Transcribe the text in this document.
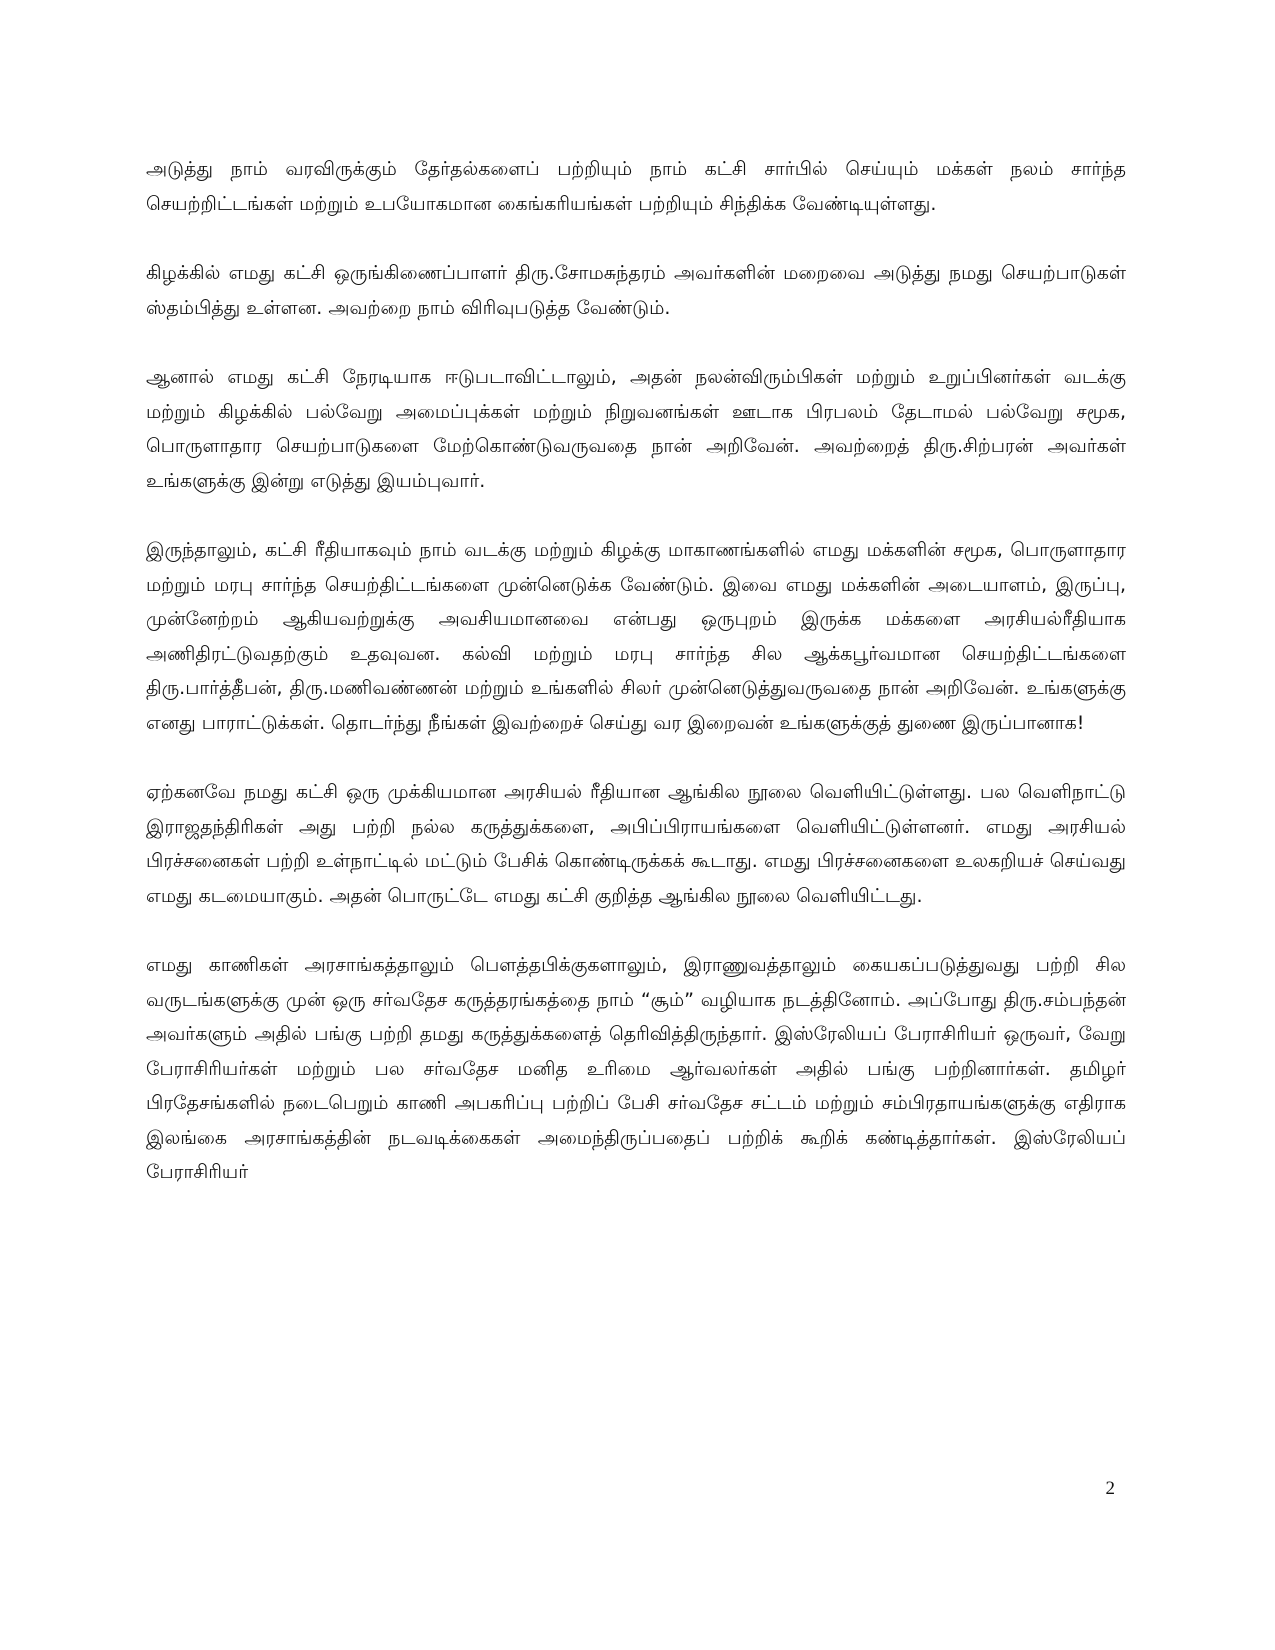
அடுத்து நாம் வரவிருக்கும் தேர்தல்களைப் பற்றியும் நாம் கட்சி சார்பில் செய்யும் மக்கள் நலம் சார்ந்த செயற்றிட்டங்கள் மற்றும் உபயோகமான கைங்கரியங்கள் பற்றியும் சிந்திக்க வேண்டியுள்ளது.

கிழக்கில் எமது கட்சி ஒருங்கிணைப்பாளர் திரு.சோமசுந்தரம் அவர்களின் மறைவை அடுத்து நமது செயற்பாடுகள் ஸ்தம்பித்து உள்ளன. அவற்றை நாம் விரிவுபடுத்த வேண்டும்.

ஆனால் எமது கட்சி நேரடியாக ஈடுபடாவிட்டாலும், அதன் நலன்விரும்பிகள் மற்றும் உறுப்பினர்கள் வடக்கு மற்றும் கிழக்கில் பல்வேறு அமைப்புக்கள் மற்றும் நிறுவனங்கள் ஊடாக பிரபலம் தேடாமல் பல்வேறு சமூக, பொருளாதார செயற்பாடுகளை மேற்கொண்டுவருவதை நான் அறிவேன். அவற்றைத் திரு.சிற்பரன் அவர்கள் உங்களுக்கு இன்று எடுத்து இயம்புவார்.

இருந்தாலும், கட்சி ரீதியாகவும் நாம் வடக்கு மற்றும் கிழக்கு மாகாணங்களில் எமது மக்களின் சமூக, பொருளாதார மற்றும் மரபு சார்ந்த செயற்திட்டங்களை முன்னெடுக்க வேண்டும். இவை எமது மக்களின் அடையாளம், இருப்பு, முன்னேற்றம் ஆகியவற்றுக்கு அவசியமானவை என்பது ஒருபுறம் இருக்க மக்களை அரசியல்ரீதியாக அணிதிரட்டுவதற்கும் உதவுவன. கல்வி மற்றும் மரபு சார்ந்த சில ஆக்கபூர்வமான செயற்திட்டங்களை திரு.பார்த்தீபன், திரு.மணிவண்ணன் மற்றும் உங்களில் சிலர் முன்னெடுத்துவருவதை நான் அறிவேன். உங்களுக்கு எனது பாராட்டுக்கள். தொடர்ந்து நீங்கள் இவற்றைச் செய்து வர இறைவன் உங்களுக்குத் துணை இருப்பானாக!

ஏற்கனவே நமது கட்சி ஒரு முக்கியமான அரசியல் ரீதியான ஆங்கில நூலை வெளியிட்டுள்ளது. பல வெளிநாட்டு இராஜதந்திரிகள் அது பற்றி நல்ல கருத்துக்களை, அபிப்பிராயங்களை வெளியிட்டுள்ளனர். எமது அரசியல் பிரச்சனைகள் பற்றி உள்நாட்டில் மட்டும் பேசிக் கொண்டிருக்கக் கூடாது. எமது பிரச்சனைகளை உலகறியச் செய்வது எமது கடமையாகும். அதன் பொருட்டே எமது கட்சி குறித்த ஆங்கில நூலை வெளியிட்டது.

எமது காணிகள் அரசாங்கத்தாலும் பௌத்தபிக்குகளாலும், இராணுவத்தாலும் கையகப்படுத்துவது பற்றி சில வருடங்களுக்கு முன் ஒரு சர்வதேச கருத்தரங்கத்தை நாம் “சூம்” வழியாக நடத்தினோம். அப்போது திரு.சம்பந்தன் அவர்களும் அதில் பங்கு பற்றி தமது கருத்துக்களைத் தெரிவித்திருந்தார். இஸ்ரேலியப் பேராசிரியர் ஒருவர், வேறு பேராசிரியர்கள் மற்றும் பல சர்வதேச மனித உரிமை ஆர்வலர்கள் அதில் பங்கு பற்றினார்கள். தமிழர் பிரதேசங்களில் நடைபெறும் காணி அபகரிப்பு பற்றிப் பேசி சர்வதேச சட்டம் மற்றும் சம்பிரதாயங்களுக்கு எதிராக இலங்கை அரசாங்கத்தின் நடவடிக்கைகள் அமைந்திருப்பதைப் பற்றிக் கூறிக் கண்டித்தார்கள். இஸ்ரேலியப் பேராசிரியர்

2
